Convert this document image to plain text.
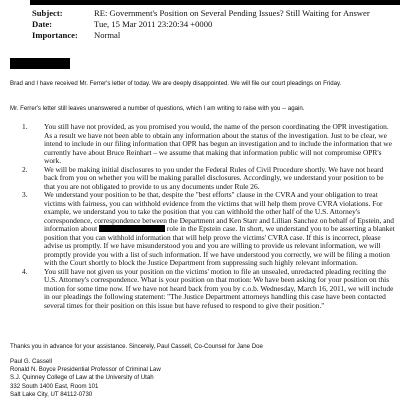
Subject:	RE: Government's Position on Several Pending Issues? Still Waiting for Answer
Date:	Tue, 15 Mar 2011 23:20:34 +0000
Importance: Normal
Brad and I have received Mr. Ferrer's letter of today. We are deeply disappointed. We will file our court pleadings on Friday.
Mr. Ferrer's letter still leaves unanswered a number of questions, which I am writing to raise with you -- again.
1. You still have not provided, as you promised you would, the name of the person coordinating the OPR investigation. As a result we have not been able to obtain any information about the status of the investigation. Just to be clear, we intend to include in our filing information that OPR has begun an investigation and to include the information that we currently have about Bruce Reinhart – we assume that making that information public will not compromise OPR's work.
2. We will be making initial disclosures to you under the Federal Rules of Civil Procedure shortly. We have not heard back from you on whether you will be making parallel disclosures. Accordingly, we understand your position to be that you are not obligated to provide to us any documents under Rule 26.
3. We understand your position to be that, despite the "best efforts" clause in the CVRA and your obligation to treat victims with fairness, you can withhold evidence from the victims that will help them prove CVRA violations. For example, we understand you to take the position that you can withhold the other half of the U.S. Attorney's correspondence, correspondence between the Department and Ken Starr and Lillian Sanchez on behalf of Epstein, and information about	role in the Epstein case. In short, we understand you to be asserting a blanket position that you can withhold information that will help prove the victims' CVRA case. If this is incorrect, please advise us promptly. If we have misunderstood you and you are willing to provide us relevant information, we will promptly provide you with a list of such information. If we have understood you correctly, we will be filing a motion with the Court shortly to block the Justice Department from suppressing such highly relevant information.
4. You still have not given us your position on the victims' motion to file an unsealed, unredacted pleading reciting the U.S. Attorney's correspondence. What is your position on that motion: We have been asking for your position on this motion for some time now. If we have not heard back from you by c.o.b. Wednesday, March 16, 2011, we will include in our pleadings the following statement: "The Justice Department attorneys handling this case have been contacted several times for their position on this issue but have refused to respond to give their position."
Thanks you in advance for your assistance. Sincerely, Paul Cassell, Co-Counsel for Jane Doe
Paul G. Cassell
Ronald N. Boyce Presidential Professor of Criminal Law
S.J. Quinney College of Law at the University of Utah
332 South 1400 East, Room 101
Salt Lake City, UT 84112-0730
